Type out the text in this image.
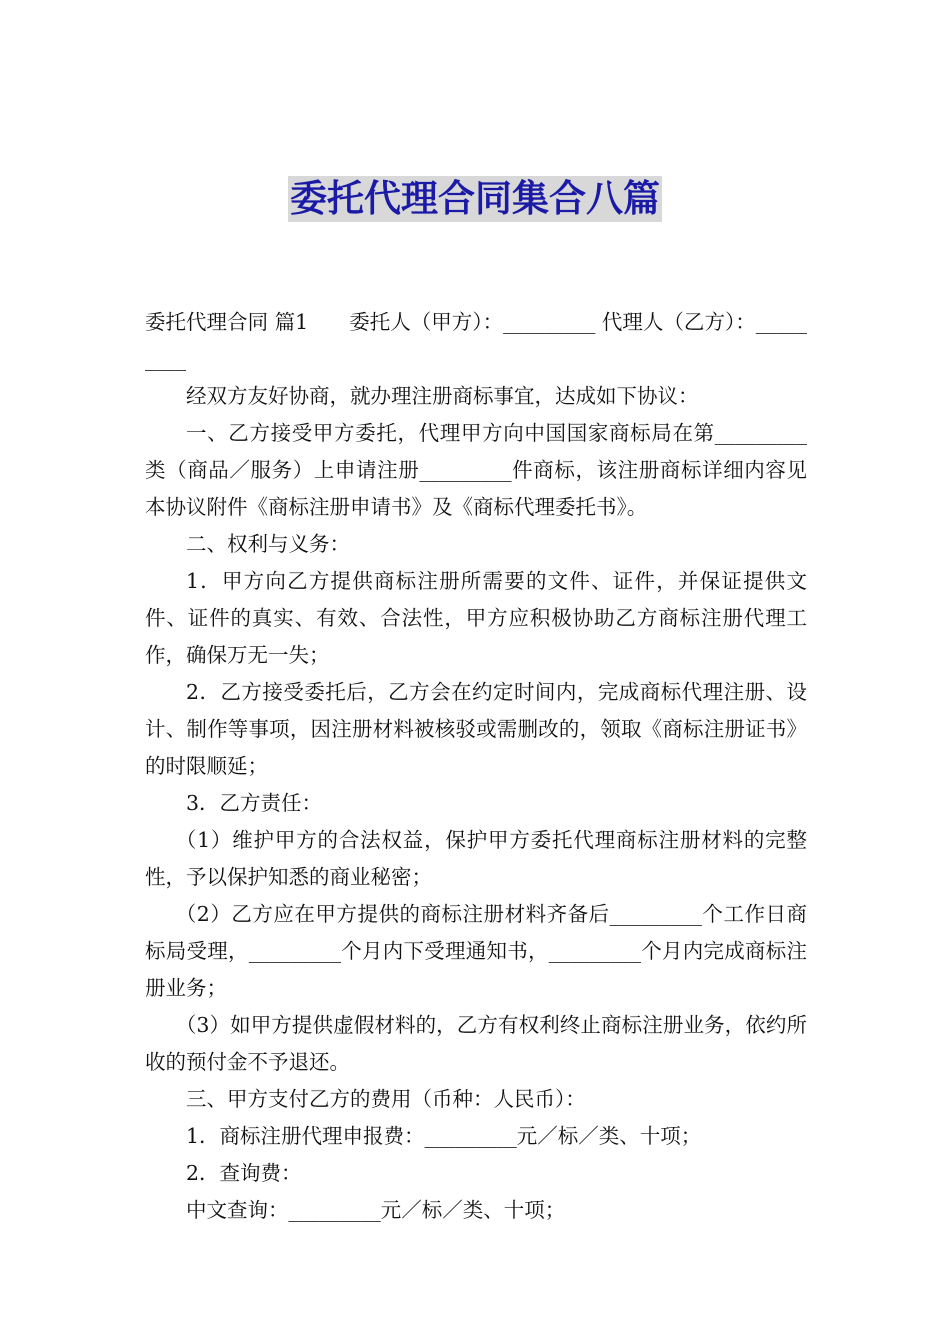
委托代理合同集合八篇

委托代理合同 篇1　　委托人（甲方）：_________ 代理人（乙方）：_________

经双方友好协商，就办理注册商标事宜，达成如下协议：

一、乙方接受甲方委托，代理甲方向中国国家商标局在第_________类（商品／服务）上申请注册_________件商标，该注册商标详细内容见本协议附件《商标注册申请书》及《商标代理委托书》。

二、权利与义务：

1．甲方向乙方提供商标注册所需要的文件、证件，并保证提供文件、证件的真实、有效、合法性，甲方应积极协助乙方商标注册代理工作，确保万无一失；

2．乙方接受委托后，乙方会在约定时间内，完成商标代理注册、设计、制作等事项，因注册材料被核驳或需删改的，领取《商标注册证书》的时限顺延；

3．乙方责任：

（1）维护甲方的合法权益，保护甲方委托代理商标注册材料的完整性，予以保护知悉的商业秘密；

（2）乙方应在甲方提供的商标注册材料齐备后_________个工作日商标局受理，_________个月内下受理通知书，_________个月内完成商标注册业务；

（3）如甲方提供虚假材料的，乙方有权利终止商标注册业务，依约所收的预付金不予退还。

三、甲方支付乙方的费用（币种：人民币）：

1．商标注册代理申报费：_________元／标／类、十项；

2．查询费：

中文查询：_________元／标／类、十项；
